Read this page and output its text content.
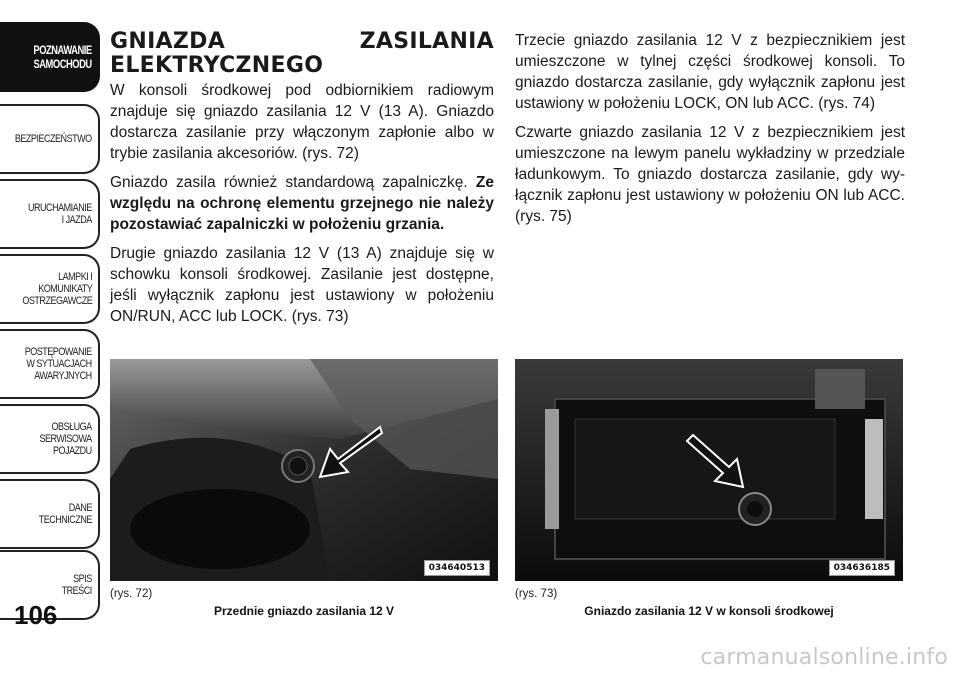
POZNAWANIE
SAMOCHODU
BEZPIECZEŃSTWO
URUCHAMIANIE
I JAZDA
LAMPKI I
KOMUNIKATY
OSTRZEGAWCZE
POSTĘPOWANIE
W SYTUACJACH
AWARYJNYCH
OBSŁUGA
SERWISOWA
POJAZDU
DANE
TECHNICZNE
SPIS
TREŚCI
106
GNIAZDA ZASILANIA ELEKTRYCZNEGO

W konsoli środkowej pod odbiornikiem radiowym znajduje się gniazdo zasilania 12 V (13 A). Gniazdo dostarcza zasilanie przy włączonym zapłonie albo w trybie zasilania akcesoriów. (rys. 72)

Gniazdo zasila również standardową zapalniczkę. Ze względu na ochronę elementu grzejnego nie należy pozostawiać zapalniczki w położeniu grzania.

Drugie gniazdo zasilania 12 V (13 A) znajduje się w schowku konsoli środkowej. Zasilanie jest dostępne, jeśli wyłącznik zapłonu jest ustawiony w położeniu ON/RUN, ACC lub LOCK. (rys. 73)

Trzecie gniazdo zasilania 12 V z bezpiecznikiem jest umieszczone w tylnej części środkowej konsoli. To gniazdo dostarcza zasilanie, gdy wyłącznik zapłonu jest ustawiony w położeniu LOCK, ON lub ACC. (rys. 74)

Czwarte gniazdo zasilania 12 V z bezpiecznikiem jest umieszczone na lewym panelu wykładziny w przedziale ładunkowym. To gniazdo dostarcza zasilanie, gdy wy-łącznik zapłonu jest ustawiony w położeniu ON lub ACC. (rys. 75)

034640513
(rys. 72)
Przednie gniazdo zasilania 12 V
034636185
(rys. 73)
Gniazdo zasilania 12 V w konsoli środkowej
carmanualsonline.info
